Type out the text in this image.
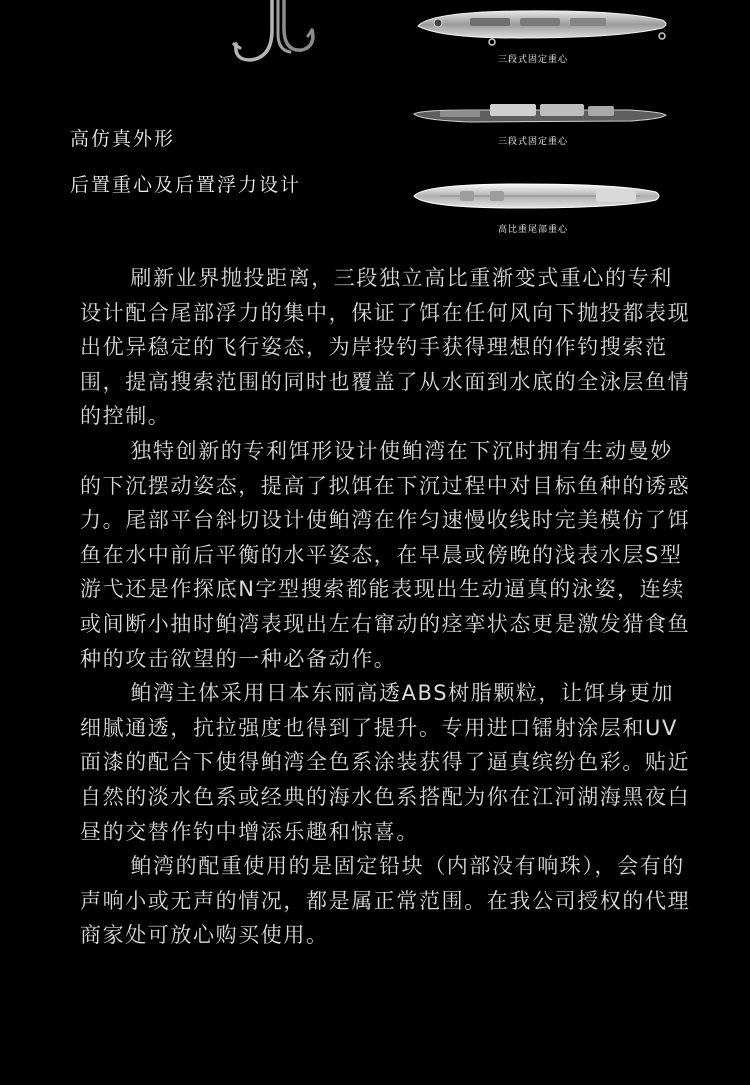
高仿真外形
后置重心及后置浮力设计
三段式固定重心
三段式固定重心
高比重尾部重心

刷新业界抛投距离，三段独立高比重渐变式重心的专利设计配合尾部浮力的集中，保证了饵在任何风向下抛投都表现出优异稳定的飞行姿态，为岸投钓手获得理想的作钓搜索范围，提高搜索范围的同时也覆盖了从水面到水底的全泳层鱼情的控制。

独特创新的专利饵形设计使鲌湾在下沉时拥有生动曼妙的下沉摆动姿态，提高了拟饵在下沉过程中对目标鱼种的诱惑力。尾部平台斜切设计使鲌湾在作匀速慢收线时完美模仿了饵鱼在水中前后平衡的水平姿态，在早晨或傍晚的浅表水层S型游弋还是作探底N字型搜索都能表现出生动逼真的泳姿，连续或间断小抽时鲌湾表现出左右窜动的痉挛状态更是激发猎食鱼种的攻击欲望的一种必备动作。

鲌湾主体采用日本东丽高透ABS树脂颗粒，让饵身更加细腻通透，抗拉强度也得到了提升。专用进口镭射涂层和UV面漆的配合下使得鲌湾全色系涂装获得了逼真缤纷色彩。贴近自然的淡水色系或经典的海水色系搭配为你在江河湖海黑夜白昼的交替作钓中增添乐趣和惊喜。

鲌湾的配重使用的是固定铅块（内部没有响珠），会有的声响小或无声的情况，都是属正常范围。在我公司授权的代理商家处可放心购买使用。
